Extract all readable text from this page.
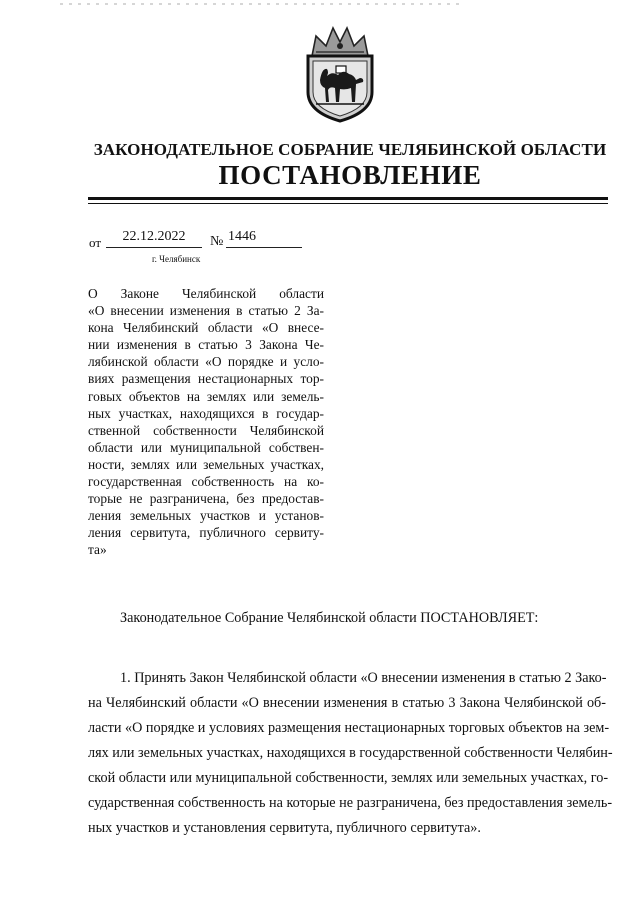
ЗАКОНОДАТЕЛЬНОЕ СОБРАНИЕ ЧЕЛЯБИНСКОЙ ОБЛАСТИ
ПОСТАНОВЛЕНИЕ
от	22.12.2022	№ 1446
г. Челябинск
О Законе Челябинской области
«О внесении изменения в статью 2 За-
кона Челябинский области «О внесе-
нии изменения в статью 3 Закона Че-
лябинской области «О порядке и усло-
виях размещения нестационарных тор-
говых объектов на землях или земель-
ных участках, находящихся в государ-
ственной собственности Челябинской
области или муниципальной собствен-
ности, землях или земельных участках,
государственная собственность на ко-
торые не разграничена, без предостав-
ления земельных участков и установ-
ления сервитута, публичного сервиту-
та»
Законодательное Собрание Челябинской области ПОСТАНОВЛЯЕТ:
1. Принять Закон Челябинской области «О внесении изменения в статью 2 Зако-
на Челябинский области «О внесении изменения в статью 3 Закона Челябинской об-
ласти «О порядке и условиях размещения нестационарных торговых объектов на зем-
лях или земельных участках, находящихся в государственной собственности Челябин-
ской области или муниципальной собственности, землях или земельных участках, го-
сударственная собственность на которые не разграничена, без предоставления земель-
ных участков и установления сервитута, публичного сервитута».
